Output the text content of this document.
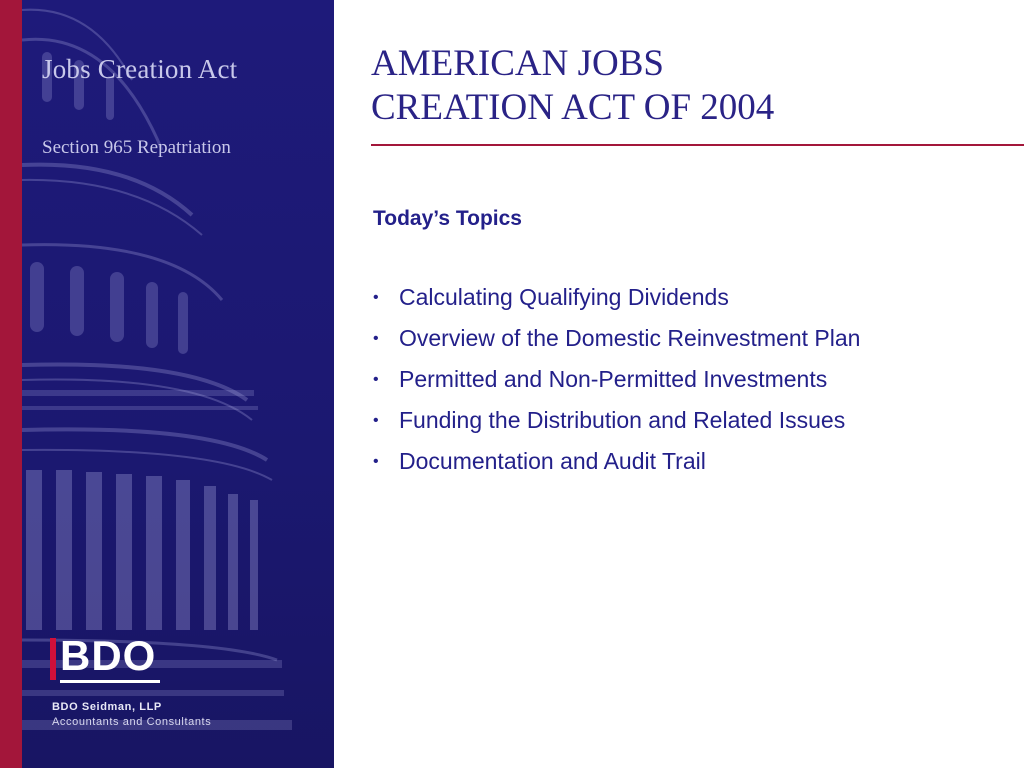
Jobs Creation Act
Section 965 Repatriation
BDO
BDO Seidman, LLP
Accountants and Consultants
AMERICAN JOBS
CREATION ACT OF 2004
Today’s Topics
• Calculating Qualifying Dividends
• Overview of the Domestic Reinvestment Plan
• Permitted and Non-Permitted Investments
• Funding the Distribution and Related Issues
• Documentation and Audit Trail
